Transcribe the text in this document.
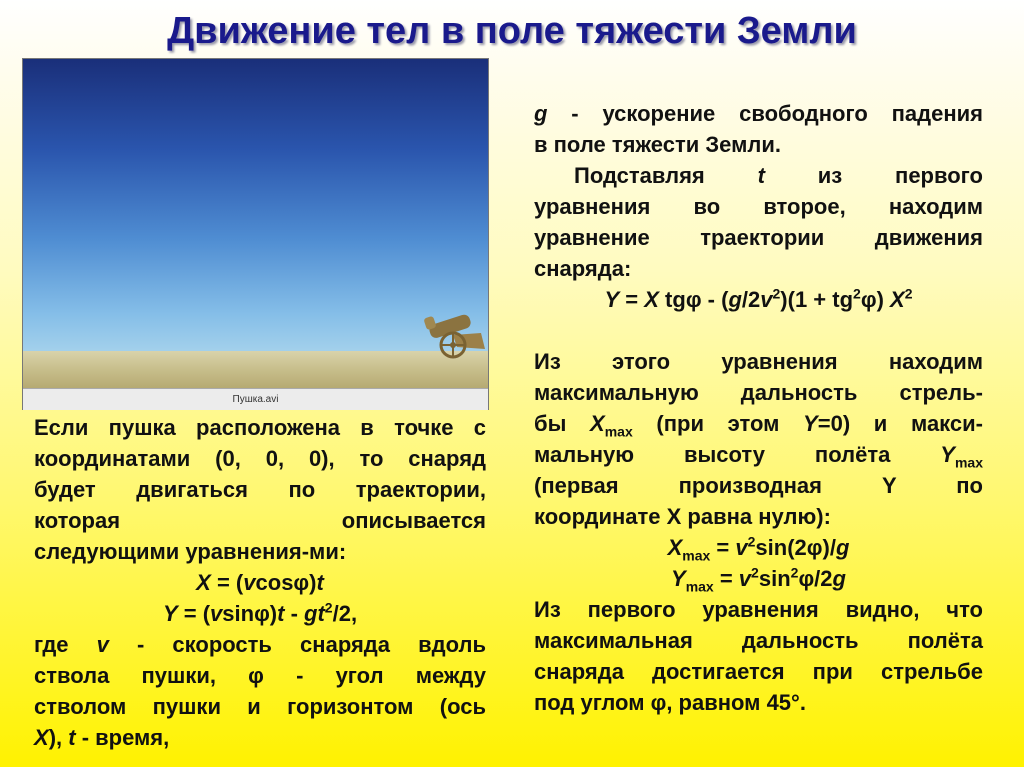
Движение тел в поле тяжести Земли
Пушка.avi
Если пушка расположена в точке с
координатами (0, 0, 0), то снаряд
будет двигаться по траектории,
которая описывается
следующими уравнения-ми:
X = (vcosφ)t
$Y = (vsin\varphi)t - gt^2/2$,
где v - скорость снаряда вдоль
ствола пушки, φ - угол между
стволом пушки и горизонтом (ось
X), t - время,
g - ускорение свободного падения
в поле тяжести Земли.
Подставляя t из первого
уравнения во второе, находим
уравнение траектории движения
снаряда:
Y = X $tg\varphi - (g/2v^2)(1 + tg^2\varphi)$ $X^2$
Из этого уравнения находим
максимальную дальность стрель-
бы $X_{max}$ (при этом Y=0) и макси-
мальную высоту полёта $Y_{max}$
(первая производная Y по
координате X равна нулю):
$X_{max} = v^2\sin(2\varphi)/g$
$Y_{max} = v^2\sin^2\varphi/2g$
Из первого уравнения видно, что
максимальная дальность полёта
снаряда достигается при стрельбе
под углом φ, равном 45°.
